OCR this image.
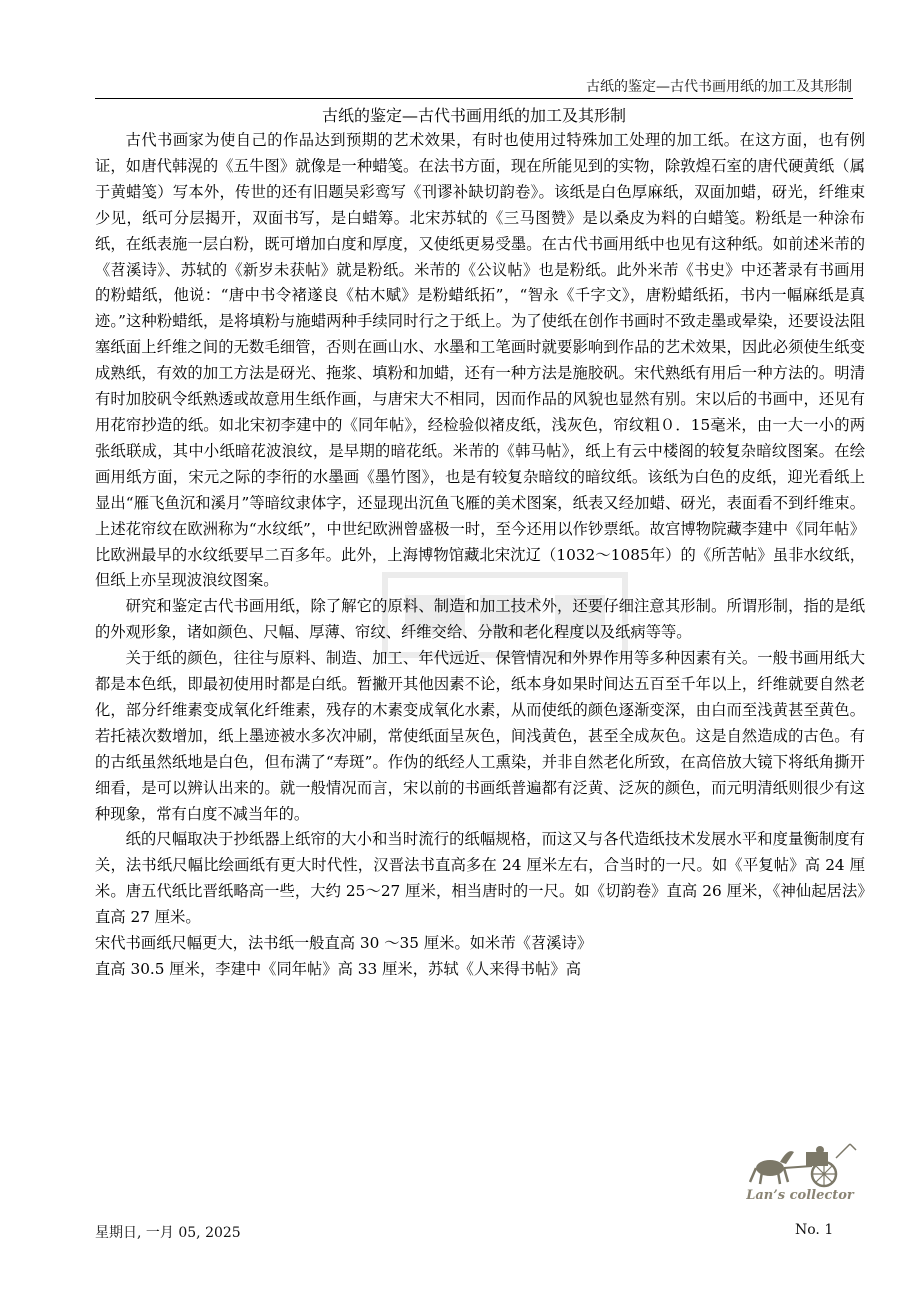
古纸的鉴定—古代书画用纸的加工及其形制
古纸的鉴定—古代书画用纸的加工及其形制

古代书画家为使自己的作品达到预期的艺术效果，有时也使用过特殊加工处理的加工纸。在这方面，也有例证，如唐代韩滉的《五牛图》就像是一种蜡笺。在法书方面，现在所能见到的实物，除敦煌石室的唐代硬黄纸（属于黄蜡笺）写本外，传世的还有旧题吴彩鸾写《刊谬补缺切韵卷》。该纸是白色厚麻纸，双面加蜡，砑光，纤维束少见，纸可分层揭开，双面书写，是白蜡筹。北宋苏轼的《三马图赞》是以桑皮为料的白蜡笺。粉纸是一种涂布纸，在纸表施一层白粉，既可增加白度和厚度，又使纸更易受墨。在古代书画用纸中也见有这种纸。如前述米芾的《苕溪诗》、苏轼的《新岁未获帖》就是粉纸。米芾的《公议帖》也是粉纸。此外米芾《书史》中还著录有书画用的粉蜡纸，他说：“唐中书令褚遂良《枯木赋》是粉蜡纸拓”，“智永《千字文》，唐粉蜡纸拓，书内一幅麻纸是真迹。”这种粉蜡纸，是将填粉与施蜡两种手续同时行之于纸上。为了使纸在创作书画时不致走墨或晕染，还要设法阻塞纸面上纤维之间的无数毛细管，否则在画山水、水墨和工笔画时就要影响到作品的艺术效果，因此必须使生纸变成熟纸，有效的加工方法是砑光、拖浆、填粉和加蜡，还有一种方法是施胶矾。宋代熟纸有用后一种方法的。明清有时加胶矾令纸熟透或故意用生纸作画，与唐宋大不相同，因而作品的风貌也显然有别。宋以后的书画中，还见有用花帘抄造的纸。如北宋初李建中的《同年帖》，经检验似褚皮纸，浅灰色，帘纹粗０．15毫米，由一大一小的两张纸联成，其中小纸暗花波浪纹，是早期的暗花纸。米芾的《韩马帖》，纸上有云中楼阁的较复杂暗纹图案。在绘画用纸方面，宋元之际的李衎的水墨画《墨竹图》，也是有较复杂暗纹的暗纹纸。该纸为白色的皮纸，迎光看纸上显出“雁飞鱼沉和溪月”等暗纹隶体字，还显现出沉鱼飞雁的美术图案，纸表又经加蜡、砑光，表面看不到纤维束。上述花帘纹在欧洲称为“水纹纸”，中世纪欧洲曾盛极一时，至今还用以作钞票纸。故宫博物院藏李建中《同年帖》比欧洲最早的水纹纸要早二百多年。此外，上海博物馆藏北宋沈辽（1032～1085年）的《所苦帖》虽非水纹纸，但纸上亦呈现波浪纹图案。

研究和鉴定古代书画用纸，除了解它的原料、制造和加工技术外，还要仔细注意其形制。所谓形制，指的是纸的外观形象，诸如颜色、尺幅、厚薄、帘纹、纤维交给、分散和老化程度以及纸病等等。

关于纸的颜色，往往与原料、制造、加工、年代远近、保管情况和外界作用等多种因素有关。一般书画用纸大都是本色纸，即最初使用时都是白纸。暂撇开其他因素不论，纸本身如果时间达五百至千年以上，纤维就要自然老化，部分纤维素变成氧化纤维素，残存的木素变成氧化水素，从而使纸的颜色逐渐变深，由白而至浅黄甚至黄色。若托裱次数增加，纸上墨迹被水多次冲刷，常使纸面呈灰色，间浅黄色，甚至全成灰色。这是自然造成的古色。有的古纸虽然纸地是白色，但布满了“寿斑”。作伪的纸经人工熏染，并非自然老化所致，在高倍放大镜下将纸角撕开细看，是可以辨认出来的。就一般情况而言，宋以前的书画纸普遍都有泛黄、泛灰的颜色，而元明清纸则很少有这种现象，常有白度不减当年的。

纸的尺幅取决于抄纸器上纸帘的大小和当时流行的纸幅规格，而这又与各代造纸技术发展水平和度量衡制度有关，法书纸尺幅比绘画纸有更大时代性，汉晋法书直高多在 24 厘米左右，合当时的一尺。如《平复帖》高 24 厘米。唐五代纸比晋纸略高一些，大约 25～27 厘米，相当唐时的一尺。如《切韵卷》直高 26 厘米，《神仙起居法》直高 27 厘米。

宋代书画纸尺幅更大，法书纸一般直高 30 ～35 厘米。如米芾《苕溪诗》

直高 30.5 厘米，李建中《同年帖》高 33 厘米，苏轼《人来得书帖》高

Lan’s collector
星期日, 一月 05, 2025	No. 1
